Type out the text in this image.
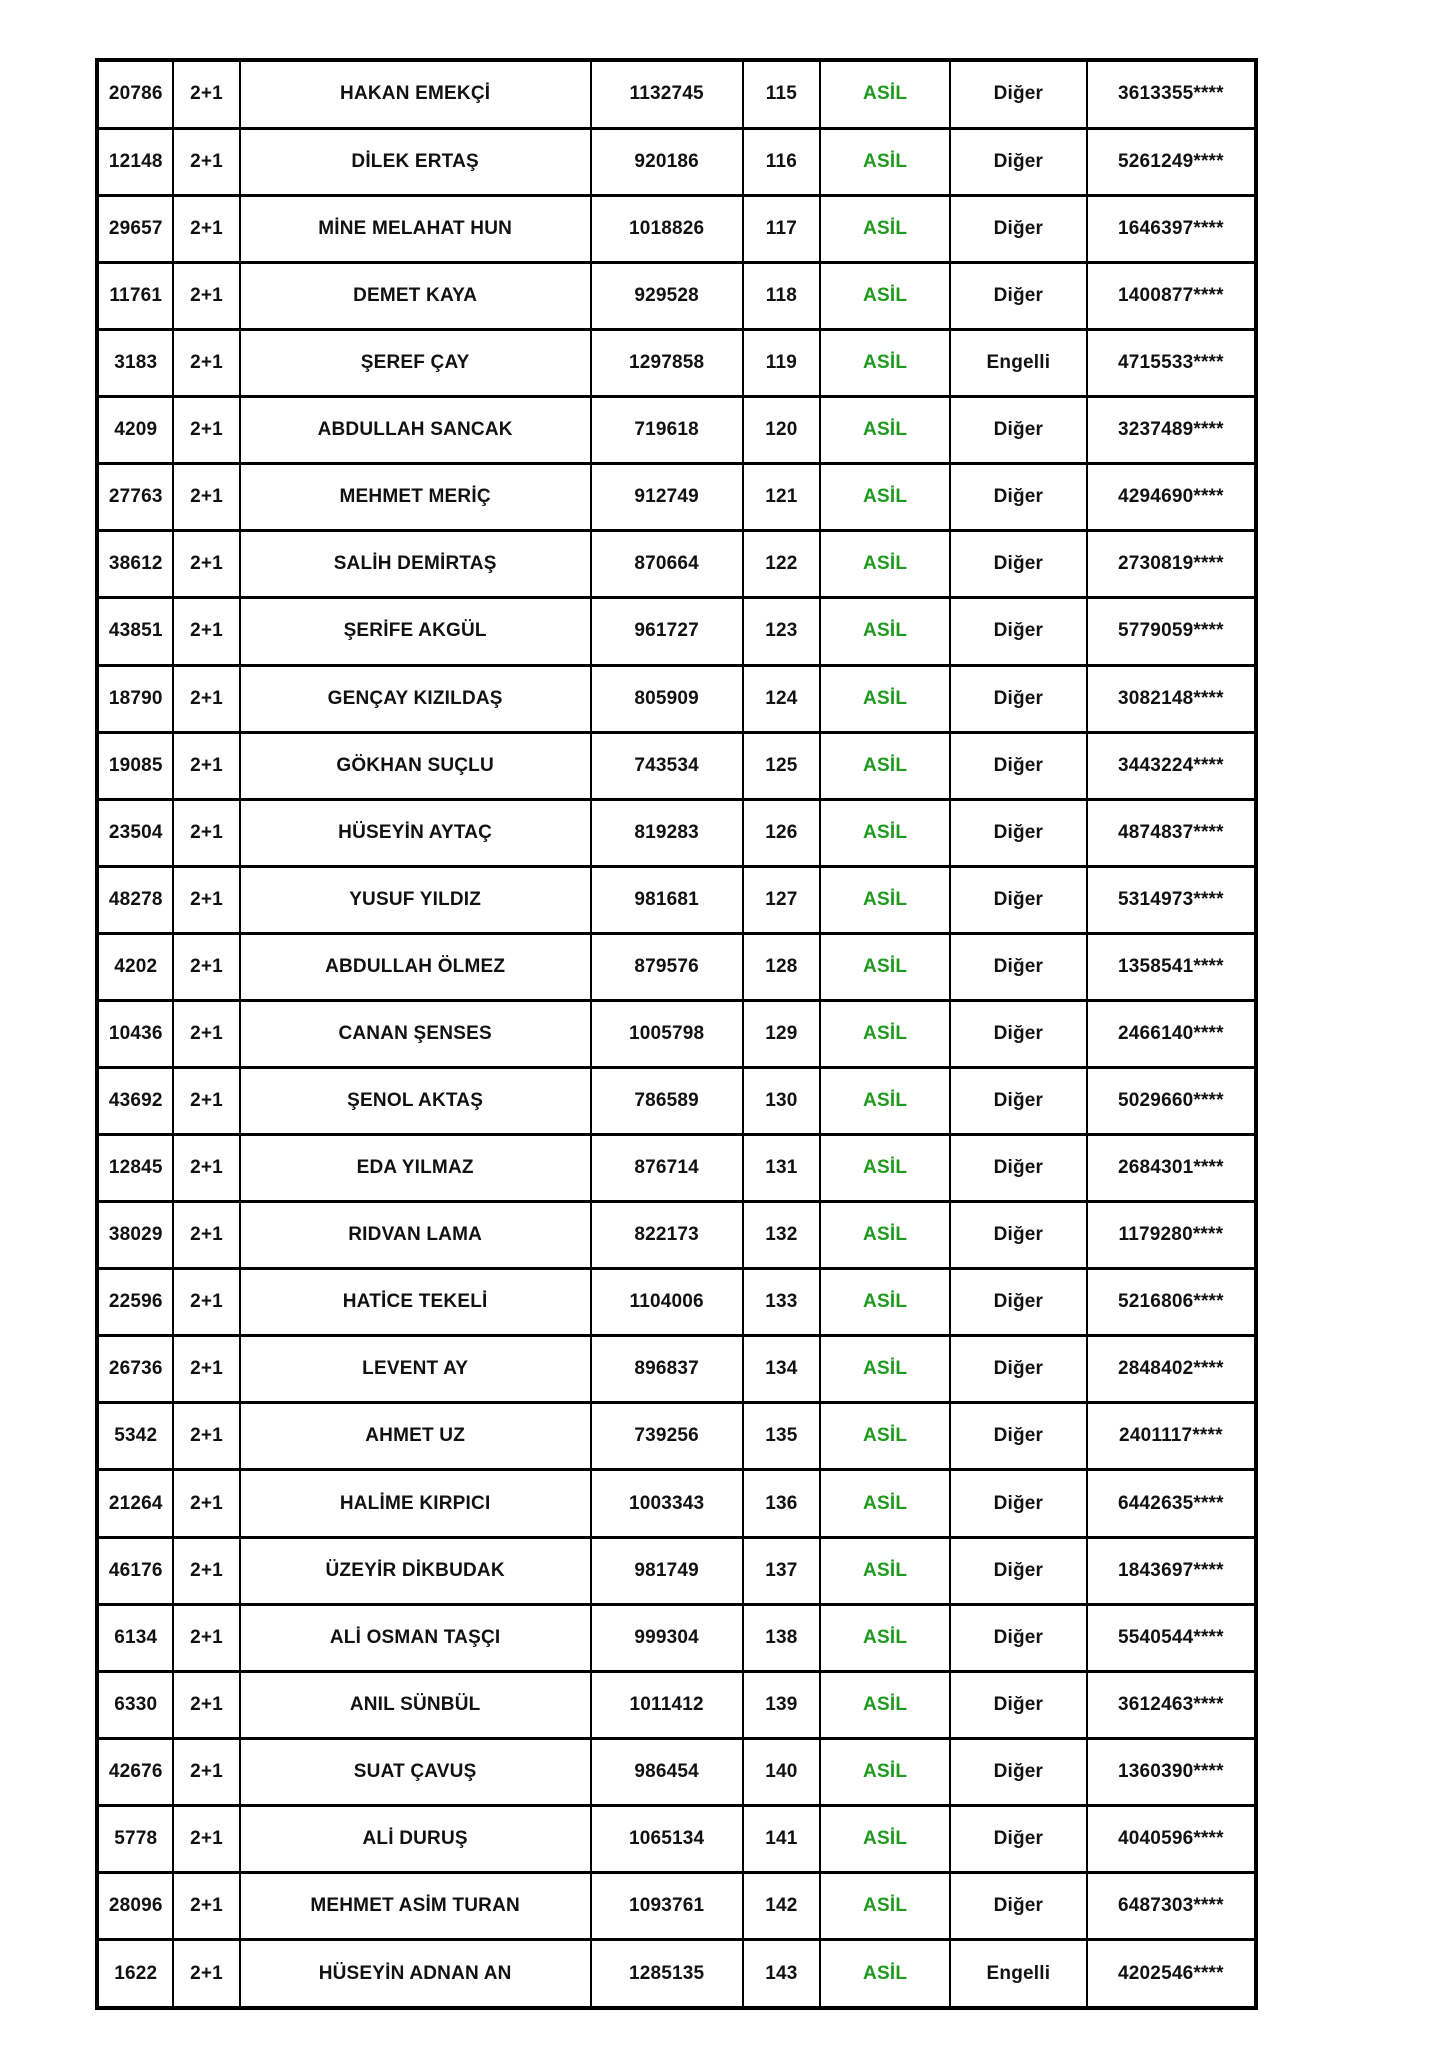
20786	2+1	HAKAN EMEKÇİ	1132745	115	ASİL	Diğer	3613355****
12148	2+1	DİLEK ERTAŞ	920186	116	ASİL	Diğer	5261249****
29657	2+1	MİNE MELAHAT HUN	1018826	117	ASİL	Diğer	1646397****
11761	2+1	DEMET KAYA	929528	118	ASİL	Diğer	1400877****
3183	2+1	ŞEREF ÇAY	1297858	119	ASİL	Engelli	4715533****
4209	2+1	ABDULLAH SANCAK	719618	120	ASİL	Diğer	3237489****
27763	2+1	MEHMET MERİÇ	912749	121	ASİL	Diğer	4294690****
38612	2+1	SALİH DEMİRTAŞ	870664	122	ASİL	Diğer	2730819****
43851	2+1	ŞERİFE AKGÜL	961727	123	ASİL	Diğer	5779059****
18790	2+1	GENÇAY KIZILDAŞ	805909	124	ASİL	Diğer	3082148****
19085	2+1	GÖKHAN SUÇLU	743534	125	ASİL	Diğer	3443224****
23504	2+1	HÜSEYİN AYTAÇ	819283	126	ASİL	Diğer	4874837****
48278	2+1	YUSUF YILDIZ	981681	127	ASİL	Diğer	5314973****
4202	2+1	ABDULLAH ÖLMEZ	879576	128	ASİL	Diğer	1358541****
10436	2+1	CANAN ŞENSES	1005798	129	ASİL	Diğer	2466140****
43692	2+1	ŞENOL AKTAŞ	786589	130	ASİL	Diğer	5029660****
12845	2+1	EDA YILMAZ	876714	131	ASİL	Diğer	2684301****
38029	2+1	RIDVAN LAMA	822173	132	ASİL	Diğer	1179280****
22596	2+1	HATİCE TEKELİ	1104006	133	ASİL	Diğer	5216806****
26736	2+1	LEVENT AY	896837	134	ASİL	Diğer	2848402****
5342	2+1	AHMET UZ	739256	135	ASİL	Diğer	2401117****
21264	2+1	HALİME KIRPICI	1003343	136	ASİL	Diğer	6442635****
46176	2+1	ÜZEYİR DİKBUDAK	981749	137	ASİL	Diğer	1843697****
6134	2+1	ALİ OSMAN TAŞÇI	999304	138	ASİL	Diğer	5540544****
6330	2+1	ANIL SÜNBÜL	1011412	139	ASİL	Diğer	3612463****
42676	2+1	SUAT ÇAVUŞ	986454	140	ASİL	Diğer	1360390****
5778	2+1	ALİ DURUŞ	1065134	141	ASİL	Diğer	4040596****
28096	2+1	MEHMET ASİM TURAN	1093761	142	ASİL	Diğer	6487303****
1622	2+1	HÜSEYİN ADNAN AN	1285135	143	ASİL	Engelli	4202546****
